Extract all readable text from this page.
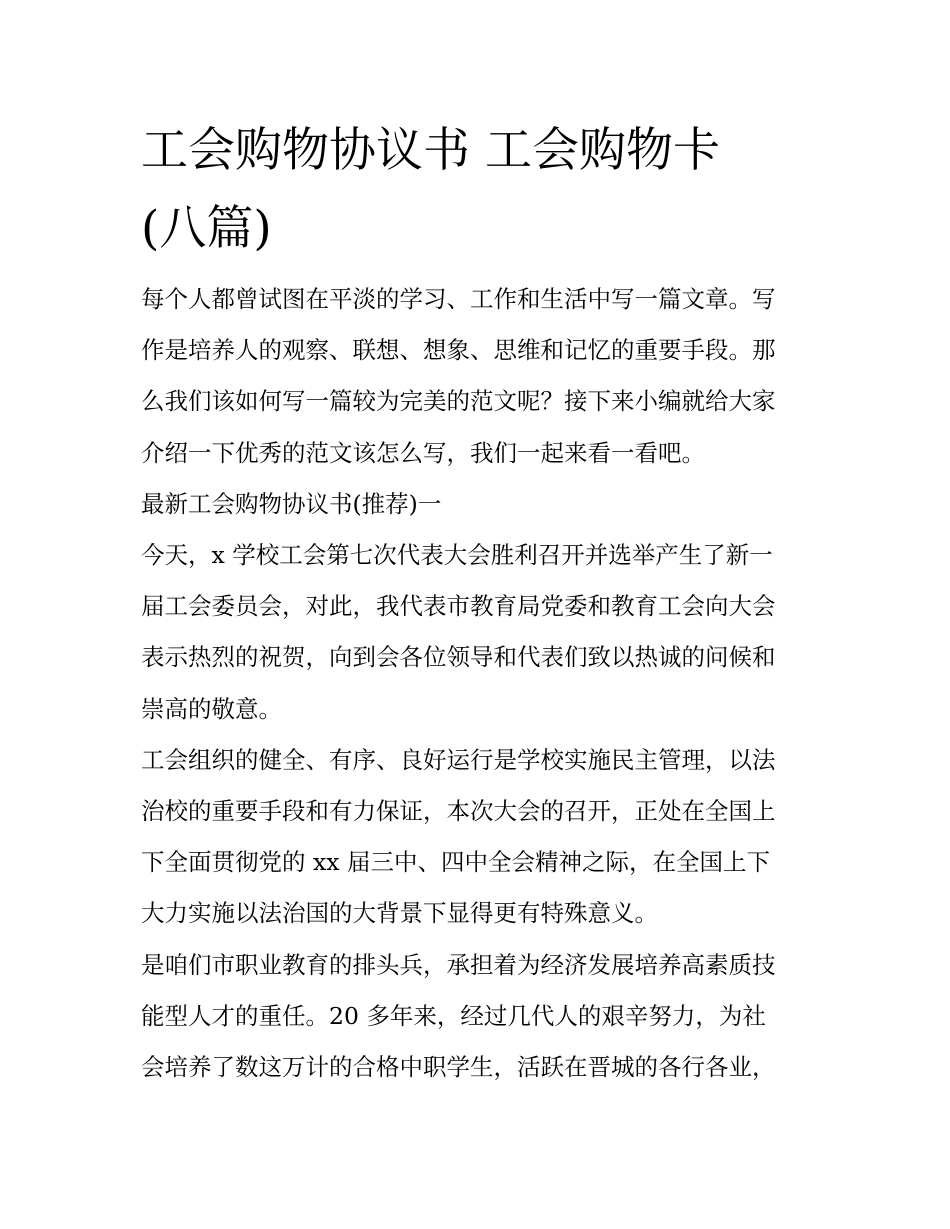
工会购物协议书 工会购物卡
(八篇)

每个人都曾试图在平淡的学习、工作和生活中写一篇文章。写
作是培养人的观察、联想、想象、思维和记忆的重要手段。那
么我们该如何写一篇较为完美的范文呢？接下来小编就给大家
介绍一下优秀的范文该怎么写，我们一起来看一看吧。

最新工会购物协议书(推荐)一

今天，x 学校工会第七次代表大会胜利召开并选举产生了新一
届工会委员会，对此，我代表市教育局党委和教育工会向大会
表示热烈的祝贺，向到会各位领导和代表们致以热诚的问候和
崇高的敬意。

工会组织的健全、有序、良好运行是学校实施民主管理，以法
治校的重要手段和有力保证，本次大会的召开，正处在全国上
下全面贯彻党的 xx 届三中、四中全会精神之际，在全国上下
大力实施以法治国的大背景下显得更有特殊意义。

是咱们市职业教育的排头兵，承担着为经济发展培养高素质技
能型人才的重任。20 多年来，经过几代人的艰辛努力，为社
会培养了数这万计的合格中职学生，活跃在晋城的各行各业，
